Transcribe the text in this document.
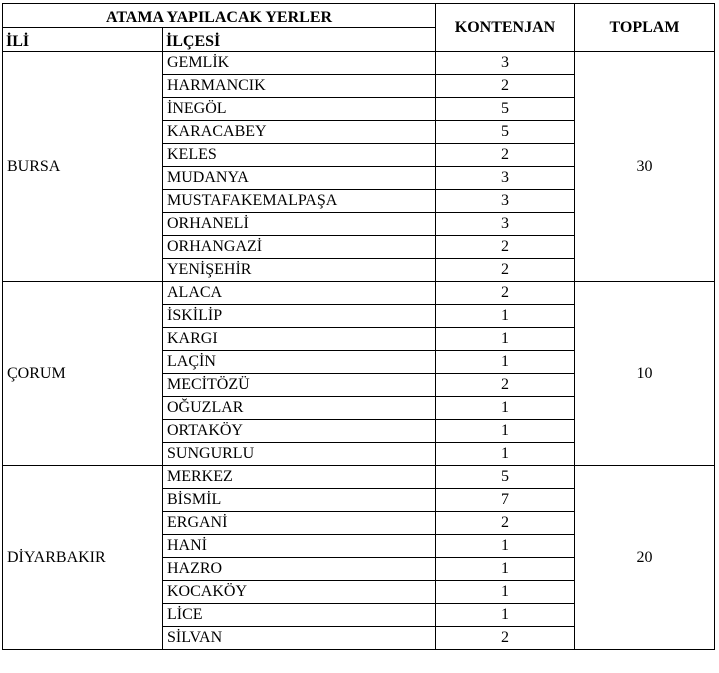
ATAMA YAPILACAK YERLER		KONTENJAN	TOPLAM
İLİ	İLÇESİ		
BURSA	GEMLİK	3	30
	HARMANCIK	2	
	İNEGÖL	5	
	KARACABEY	5	
	KELES	2	
	MUDANYA	3	
	MUSTAFAKEMALPAŞA	3	
	ORHANELİ	3	
	ORHANGAZİ	2	
	YENİŞEHİR	2	
ÇORUM	ALACA	2	10
	İSKİLİP	1	
	KARGI	1	
	LAÇİN	1	
	MECİTÖZÜ	2	
	OĞUZLAR	1	
	ORTAKÖY	1	
	SUNGURLU	1	
DİYARBAKIR	MERKEZ	5	20
	BİSMİL	7	
	ERGANİ	2	
	HANİ	1	
	HAZRO	1	
	KOCAKÖY	1	
	LİCE	1	
	SİLVAN	2	
